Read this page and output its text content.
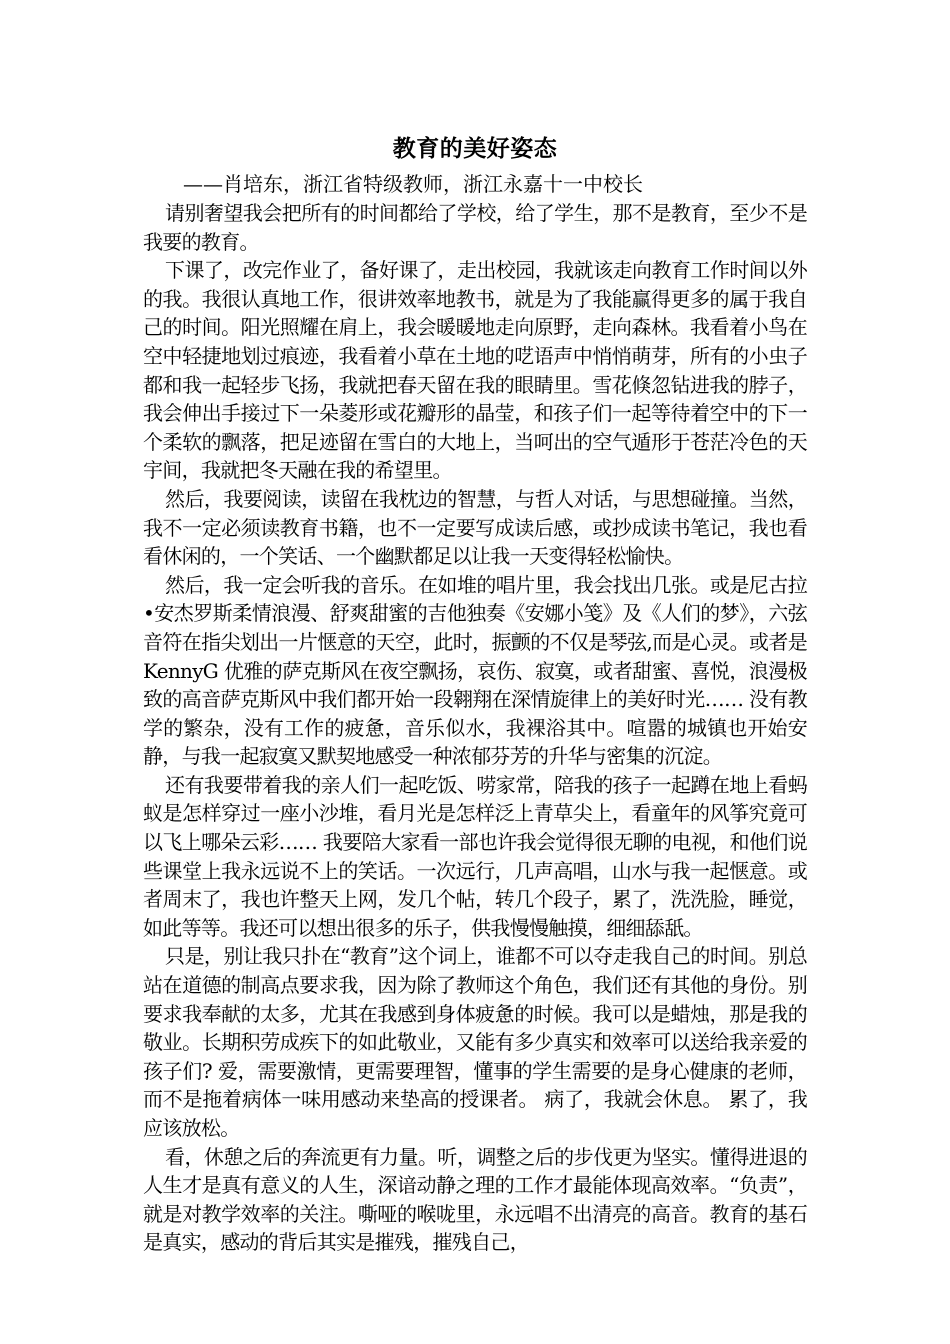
教育的美好姿态

——肖培东，浙江省特级教师，浙江永嘉十一中校长

请别奢望我会把所有的时间都给了学校，给了学生，那不是教育，至少不是我要的教育。

下课了，改完作业了，备好课了，走出校园，我就该走向教育工作时间以外的我。我很认真地工作，很讲效率地教书，就是为了我能赢得更多的属于我自己的时间。阳光照耀在肩上，我会暖暖地走向原野，走向森林。我看着小鸟在空中轻捷地划过痕迹，我看着小草在土地的呓语声中悄悄萌芽，所有的小虫子都和我一起轻步飞扬，我就把春天留在我的眼睛里。雪花倏忽钻进我的脖子，我会伸出手接过下一朵菱形或花瓣形的晶莹，和孩子们一起等待着空中的下一个柔软的飘落，把足迹留在雪白的大地上，当呵出的空气遁形于苍茫冷色的天宇间，我就把冬天融在我的希望里。

然后，我要阅读，读留在我枕边的智慧，与哲人对话，与思想碰撞。当然，我不一定必须读教育书籍，也不一定要写成读后感，或抄成读书笔记，我也看看休闲的，一个笑话、一个幽默都足以让我一天变得轻松愉快。

然后，我一定会听我的音乐。在如堆的唱片里，我会找出几张。或是尼古拉•安杰罗斯柔情浪漫、舒爽甜蜜的吉他独奏《安娜小笺》及《人们的梦》，六弦音符在指尖划出一片惬意的天空，此时，振颤的不仅是琴弦,而是心灵。或者是 KennyG 优雅的萨克斯风在夜空飘扬，哀伤、寂寞，或者甜蜜、喜悦，浪漫极致的高音萨克斯风中我们都开始一段翱翔在深情旋律上的美好时光…… 没有教学的繁杂，没有工作的疲惫，音乐似水，我裸浴其中。喧嚣的城镇也开始安静，与我一起寂寞又默契地感受一种浓郁芬芳的升华与密集的沉淀。

还有我要带着我的亲人们一起吃饭、唠家常，陪我的孩子一起蹲在地上看蚂蚁是怎样穿过一座小沙堆，看月光是怎样泛上青草尖上，看童年的风筝究竟可以飞上哪朵云彩…… 我要陪大家看一部也许我会觉得很无聊的电视，和他们说些课堂上我永远说不上的笑话。一次远行，几声高唱，山水与我一起惬意。或者周末了，我也许整天上网，发几个帖，转几个段子，累了，洗洗脸，睡觉，如此等等。我还可以想出很多的乐子，供我慢慢触摸，细细舔舐。

只是，别让我只扑在“教育”这个词上，谁都不可以夺走我自己的时间。别总站在道德的制高点要求我，因为除了教师这个角色，我们还有其他的身份。别要求我奉献的太多，尤其在我感到身体疲惫的时候。我可以是蜡烛，那是我的敬业。长期积劳成疾下的如此敬业，又能有多少真实和效率可以送给我亲爱的孩子们? 爱，需要激情，更需要理智，懂事的学生需要的是身心健康的老师，而不是拖着病体一味用感动来垫高的授课者。 病了，我就会休息。 累了，我应该放松。

看，休憩之后的奔流更有力量。听，调整之后的步伐更为坚实。懂得进退的人生才是真有意义的人生，深谙动静之理的工作才最能体现高效率。“负责”，就是对教学效率的关注。嘶哑的喉咙里，永远唱不出清亮的高音。教育的基石是真实，感动的背后其实是摧残，摧残自己，
